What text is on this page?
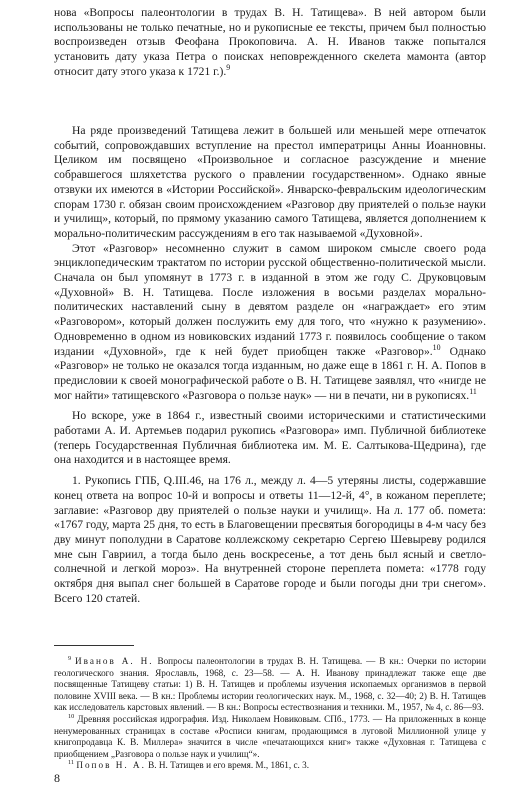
нова «Вопросы палеонтологии в трудах В. Н. Татищева». В ней автором были использованы не только печатные, но и рукописные ее тексты, причем был полностью воспроизведен отзыв Феофана Прокоповича. А. Н. Иванов также попытался установить дату указа Петра о поисках неповрежденного скелета мамонта (автор относит дату этого указа к 1721 г.).$^9$

На ряде произведений Татищева лежит в большей или меньшей мере отпечаток событий, сопровождавших вступление на престол императрицы Анны Иоанновны. Целиком им посвящено «Произвольное и согласное разсуждение и мнение собравшегося шляхетства руского о правлении государственном». Однако явные отзвуки их имеются в «Истории Российской». Январско-февральским идеологическим спорам 1730 г. обязан своим происхождением «Разговор дву приятелей о пользе науки и училищ», который, по прямому указанию самого Татищева, является дополнением к морально-политическим рассуждениям в его так называемой «Духовной».

Этот «Разговор» несомненно служит в самом широком смысле своего рода энциклопедическим трактатом по истории русской общественно-политической мысли. Сначала он был упомянут в 1773 г. в изданной в этом же году С. Друковцовым «Духовной» В. Н. Татищева. После изложения в восьми разделах морально-политических наставлений сыну в девятом разделе он «награждает» его этим «Разговором», который должен послужить ему для того, что «нужно к разумению». Одновременно в одном из новиковских изданий 1773 г. появилось сообщение о таком издании «Духовной», где к ней будет приобщен также «Разговор».$^{10}$ Однако «Разговор» не только не оказался тогда изданным, но даже еще в 1861 г. Н. А. Попов в предисловии к своей монографической работе о В. Н. Татищеве заявлял, что «нигде не мог найти» татищевского «Разговора о пользе наук» — ни в печати, ни в рукописях.$^{11}$

Но вскоре, уже в 1864 г., известный своими историческими и статистическими работами А. И. Артемьев подарил рукопись «Разговора» имп. Публичной библиотеке (теперь Государственная Публичная библиотека им. М. Е. Салтыкова-Щедрина), где она находится и в настоящее время.

1. Рукопись ГПБ, Q.III.46, на 176 л., между л. 4—5 утеряны листы, содержавшие конец ответа на вопрос 10-й и вопросы и ответы 11—12-й, 4°, в кожаном переплете; заглавие: «Разговор дву приятелей о пользе науки и училищ». На л. 177 об. помета: «1767 году, марта 25 дня, то есть в Благовещении пресвятыя богородицы в 4-м часу без дву минут пополудни в Саратове коллежскому секретарю Сергею Шевыреву родился мне сын Гавриил, а тогда было день воскресенье, а тот день был ясный и светло-солнечной и легкой мороз». На внутренней стороне переплета помета: «1778 году октября дня выпал снег большей в Саратове городе и были погоды дни три снегом». Всего 120 статей.

$^9$ Иванов А. Н. Вопросы палеонтологии в трудах В. Н. Татищева. — В кн.: Очерки по истории геологического знания. Ярославль, 1968, с. 23—58. — А. Н. Иванову принадлежат также еще две посвященные Татищеву статьи: 1) В. Н. Татищев и проблемы изучения ископаемых организмов в первой половине XVIII века. — В кн.: Проблемы истории геологических наук. М., 1968, с. 32—40; 2) В. Н. Татищев как исследователь карстовых явлений. — В кн.: Вопросы естествознания и техники. М., 1957, № 4, с. 86—93.

$^{10}$ Древняя российская идрография. Изд. Николаем Новиковым. СПб., 1773. — На приложенных в конце ненумерованных страницах в составе «Росписи книгам, продающимся в луговой Миллионной улице у книгопродавца К. В. Миллера» значится в числе «печатающихся книг» также «Духовная г. Татищева с приобщением „Разговора о пользе наук и училищ“».

$^{11}$ Попов Н. А. В. Н. Татищев и его время. М., 1861, с. 3.

8
